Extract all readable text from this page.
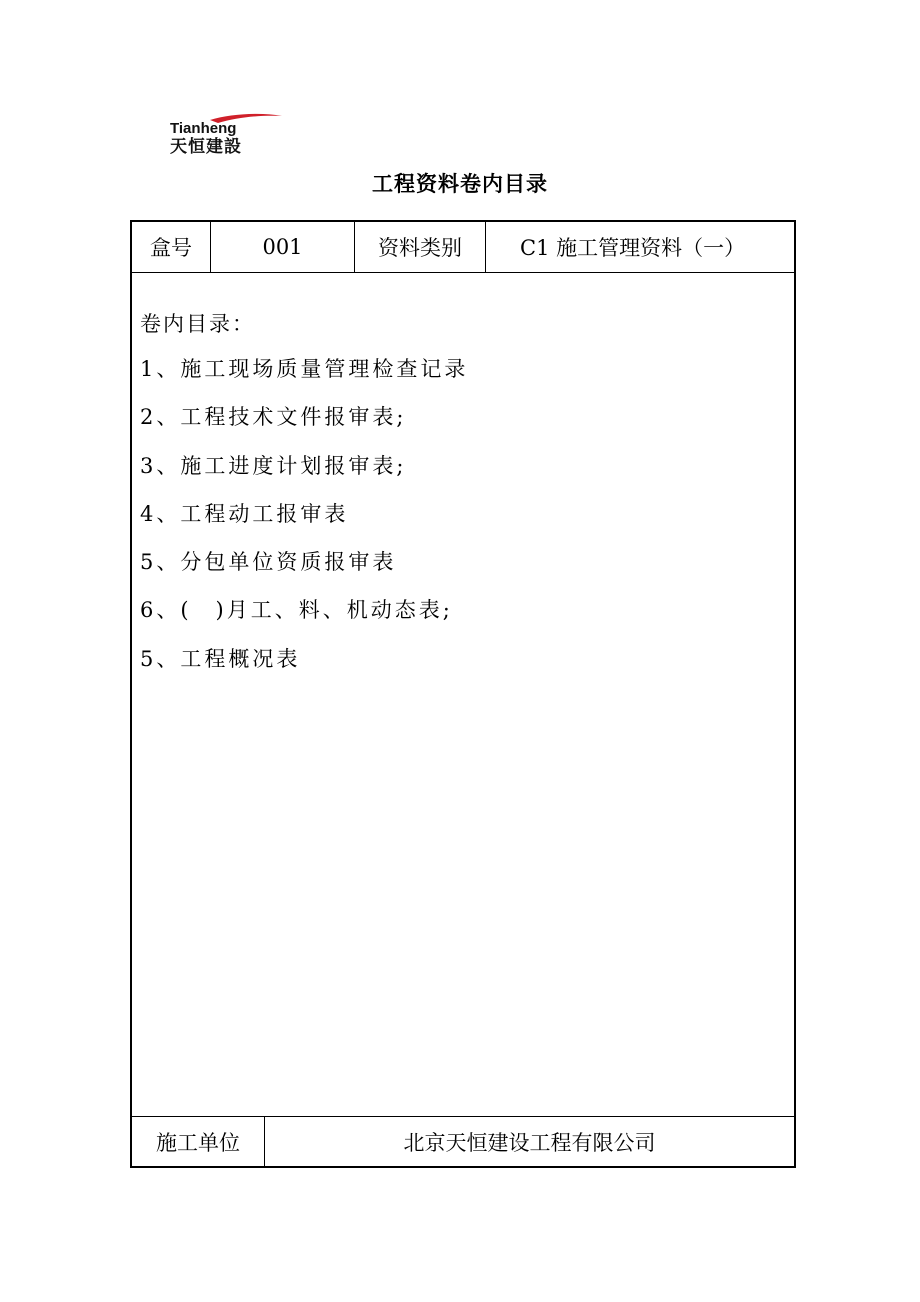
Tianheng
天恒建設
工程资料卷内目录
盒号	001	资料类别	C1 施工管理资料（一）
卷内目录：
1、施工现场质量管理检查记录
2、工程技术文件报审表;
3、施工进度计划报审表;
4、工程动工报审表
5、分包单位资质报审表
6、(　)月工、料、机动态表;
5、工程概况表
施工单位	北京天恒建设工程有限公司
